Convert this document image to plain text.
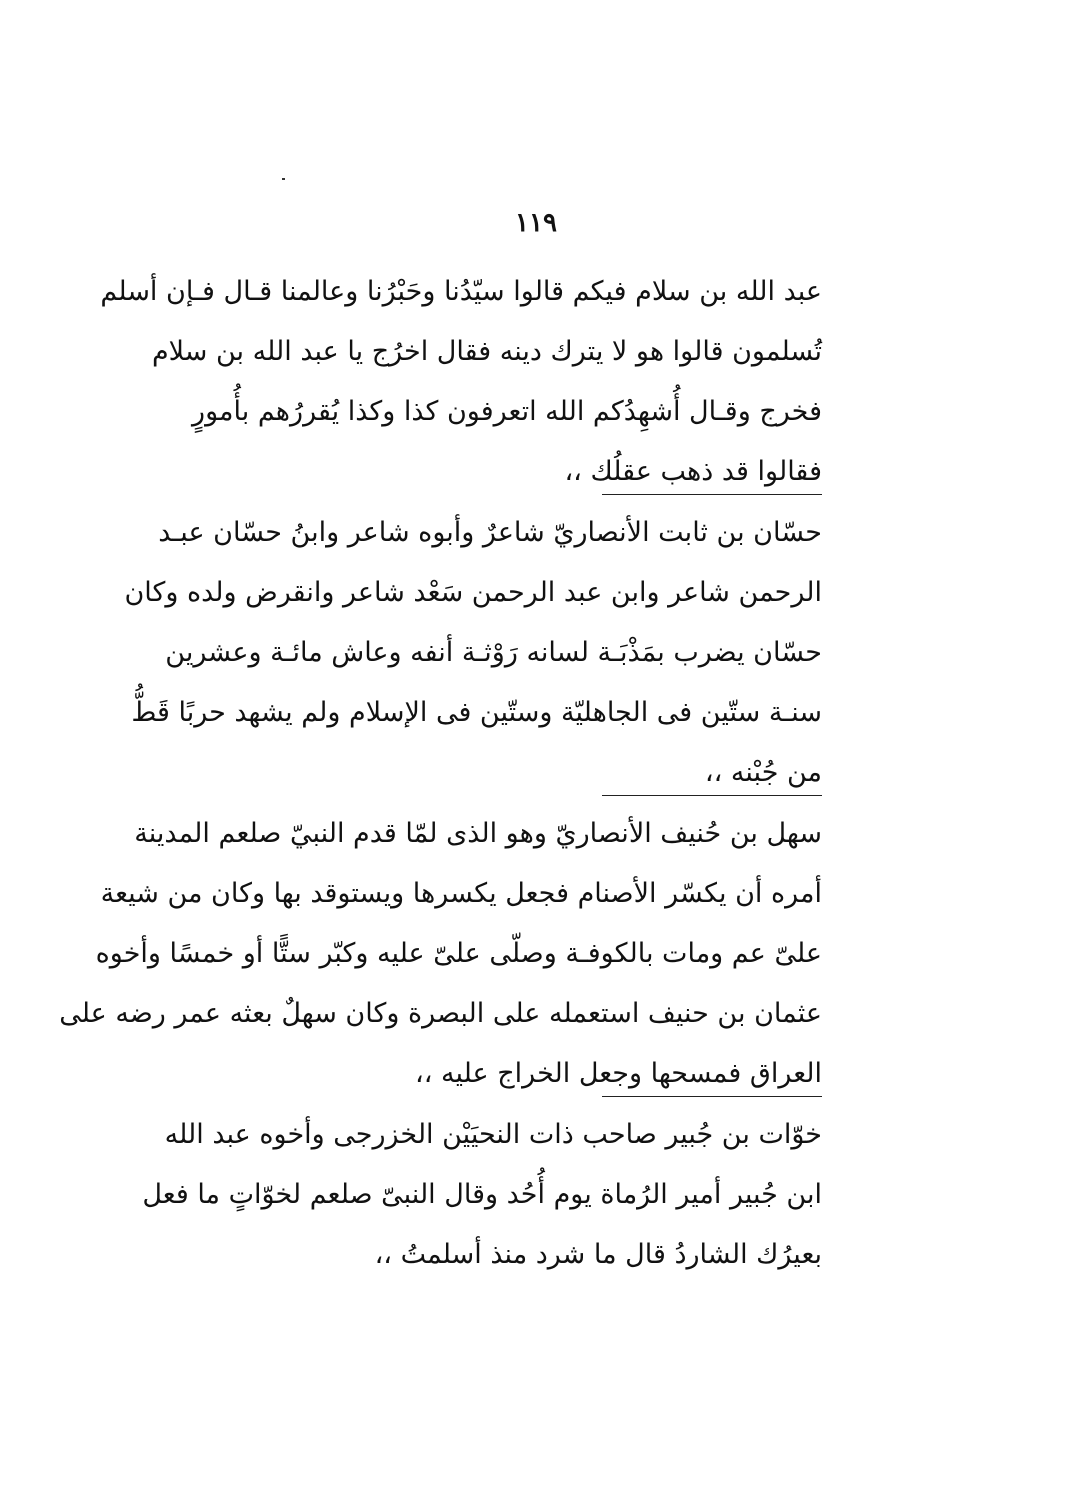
١١٩
عبد الله بن سلام فيكم قالوا سيّدُنا وحَبْرُنا وعالمنا قـال فـإن أسلم
تُسلمون قالوا هو لا يترك دينه فقال اخرُج يا عبد الله بن سلام
فخرج وقـال أُشهِدُكم الله اتعرفون كذا وكذا يُقررُهم بأُمورٍ
فقالوا قد ذهب عقلُك ،،
حسّان بن ثابت الأنصاريّ شاعرٌ وأبوه شاعر وابنُ حسّان عبـد
الرحمن شاعر وابن عبد الرحمن سَعْد شاعر وانقرض ولده وكان
حسّان يضرب بمَذْبَـة لسانه رَوْثـة أنفه وعاش مائـة وعشرين
سنـة ستّين فى الجاهليّة وستّين فى الإسلام ولم يشهد حربًا قَطُّ
من جُبْنه ،،
سهل بن حُنيف الأنصاريّ وهو الذى لمّا قدم النبيّ صلعم المدينة
أمره أن يكسّر الأصنام فجعل يكسرها ويستوقد بها وكان من شيعة
علىّ عم ومات بالكوفـة وصلّى علىّ عليه وكبّر ستًّا أو خمسًا وأخوه
عثمان بن حنيف استعمله على البصرة وكان سهلٌ بعثه عمر رضه على
العراق فمسحها وجعل الخراج عليه ،،
خوّات بن جُبير صاحب ذات النحيَيْن الخزرجى وأخوه عبد الله
ابن جُبير أمير الرُماة يوم أُحُد وقال النبىّ صلعم لخوّاتٍ ما فعل
بعيرُك الشاردُ قال ما شرد منذ أسلمتُ ،،
